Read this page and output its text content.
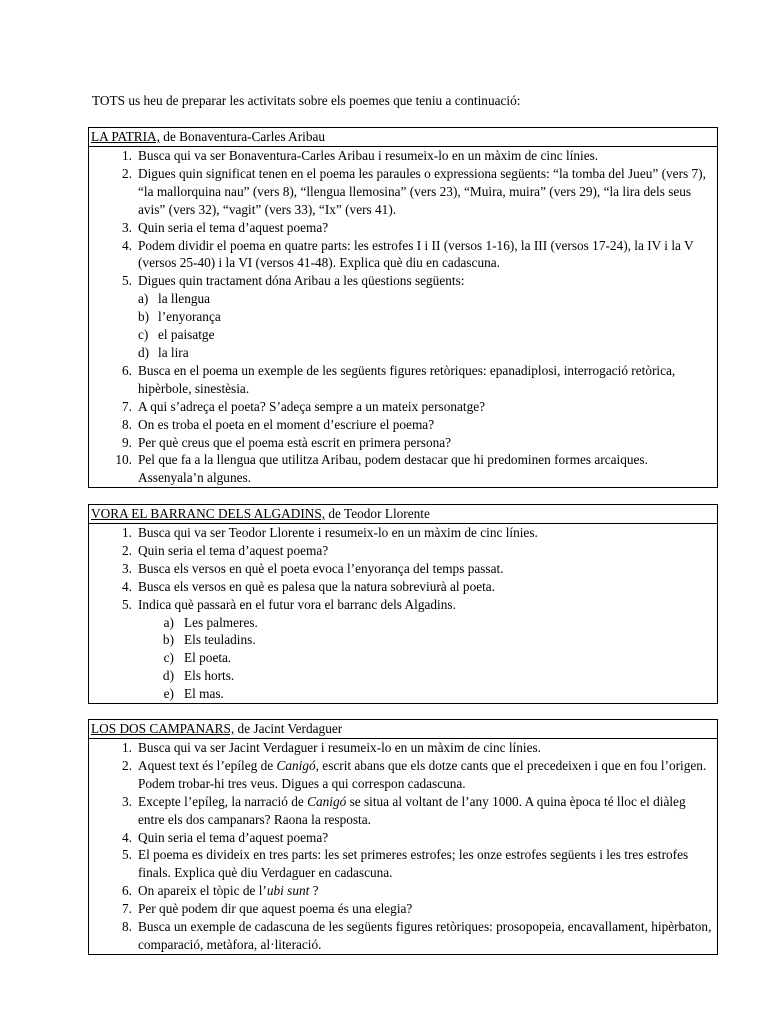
TOTS us heu de preparar les activitats sobre els poemes que teniu a continuació:
LA PATRIA, de Bonaventura-Carles Aribau
1. Busca qui va ser Bonaventura-Carles Aribau i resumeix-lo en un màxim de cinc línies.
2. Digues quin significat tenen en el poema les paraules o expressiona següents: “la tomba del Jueu” (vers 7), “la mallorquina nau” (vers 8), “llengua llemosina” (vers 23), “Muira, muira” (vers 29), “la lira dels seus avis” (vers 32), “vagit” (vers 33), “Ix” (vers 41).
3. Quin seria el tema d’aquest poema?
4. Podem dividir el poema en quatre parts: les estrofes I i II (versos 1-16), la III (versos 17-24), la IV i la V (versos 25-40) i la VI (versos 41-48). Explica què diu en cadascuna.
5. Digues quin tractament dóna Aribau a les qüestions següents:
a) la llengua
b) l’enyorança
c) el paisatge
d) la lira
6. Busca en el poema un exemple de les següents figures retòriques: epanadiplosi, interrogació retòrica, hipèrbole, sinestèsia.
7. A qui s’adreça el poeta? S’adeça sempre a un mateix personatge?
8. On es troba el poeta en el moment d’escriure el poema?
9. Per què creus que el poema està escrit en primera persona?
10. Pel que fa a la llengua que utilitza Aribau, podem destacar que hi predominen formes arcaiques. Assenyala’n algunes.
VORA EL BARRANC DELS ALGADINS, de Teodor Llorente
1. Busca qui va ser Teodor Llorente i resumeix-lo en un màxim de cinc línies.
2. Quin seria el tema d’aquest poema?
3. Busca els versos en què el poeta evoca l’enyorança del temps passat.
4. Busca els versos en què es palesa que la natura sobreviurà al poeta.
5. Indica què passarà en el futur vora el barranc dels Algadins.
a) Les palmeres.
b) Els teuladins.
c) El poeta.
d) Els horts.
e) El mas.
LOS DOS CAMPANARS, de Jacint Verdaguer
1. Busca qui va ser Jacint Verdaguer i resumeix-lo en un màxim de cinc línies.
2. Aquest text és l’epíleg de Canigó, escrit abans que els dotze cants que el precedeixen i que en fou l’origen. Podem trobar-hi tres veus. Digues a qui correspon cadascuna.
3. Excepte l’epíleg, la narració de Canigó se situa al voltant de l’any 1000. A quina època té lloc el diàleg entre els dos campanars? Raona la resposta.
4. Quin seria el tema d’aquest poema?
5. El poema es divideix en tres parts: les set primeres estrofes; les onze estrofes següents i les tres estrofes finals. Explica què diu Verdaguer en cadascuna.
6. On apareix el tòpic de l’ubi sunt ?
7. Per què podem dir que aquest poema és una elegia?
8. Busca un exemple de cadascuna de les següents figures retòriques: prosopopeia, encavallament, hipèrbaton, comparació, metàfora, al·literació.
